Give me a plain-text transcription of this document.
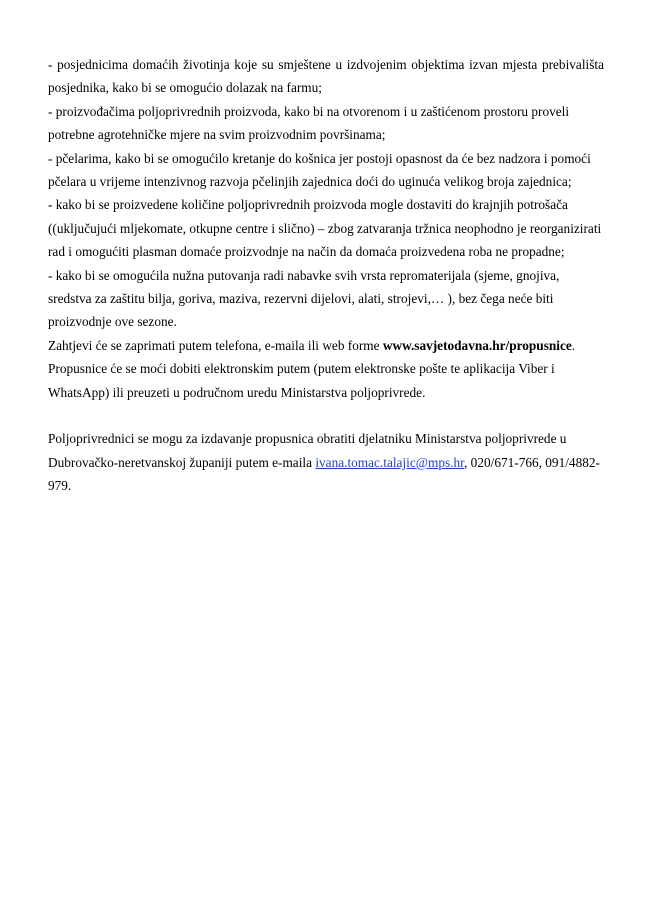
- posjednicima domaćih životinja koje su smještene u izdvojenim objektima izvan mjesta prebivališta posjednika, kako bi se omogućio dolazak na farmu;

- proizvođačima poljoprivrednih proizvoda, kako bi na otvorenom i u zaštićenom prostoru proveli potrebne agrotehničke mjere na svim proizvodnim površinama;

- pčelarima, kako bi se omogućilo kretanje do košnica jer postoji opasnost da će bez nadzora i pomoći pčelara u vrijeme intenzivnog razvoja pčelinjih zajednica doći do uginuća velikog broja zajednica;

- kako bi se proizvedene količine poljoprivrednih proizvoda mogle dostaviti do krajnjih potrošača ((uključujući mljekomate, otkupne centre i slično) – zbog zatvaranja tržnica neophodno je reorganizirati rad i omogućiti plasman domaće proizvodnje na način da domaća proizvedena roba ne propadne;

- kako bi se omogućila nužna putovanja radi nabavke svih vrsta repromaterijala (sjeme, gnojiva, sredstva za zaštitu bilja, goriva, maziva, rezervni dijelovi, alati, strojevi,… ), bez čega neće biti proizvodnje ove sezone.

Zahtjevi će se zaprimati putem telefona, e-maila ili web forme www.savjetodavna.hr/propusnice.

Propusnice će se moći dobiti elektronskim putem (putem elektronske pošte te aplikacija Viber i WhatsApp) ili preuzeti u područnom uredu Ministarstva poljoprivrede.

Poljoprivrednici se mogu za izdavanje propusnica obratiti djelatniku Ministarstva poljoprivrede u Dubrovačko-neretvanskoj županiji putem e-maila ivana.tomac.talajic@mps.hr, 020/671-766, 091/4882-979.
